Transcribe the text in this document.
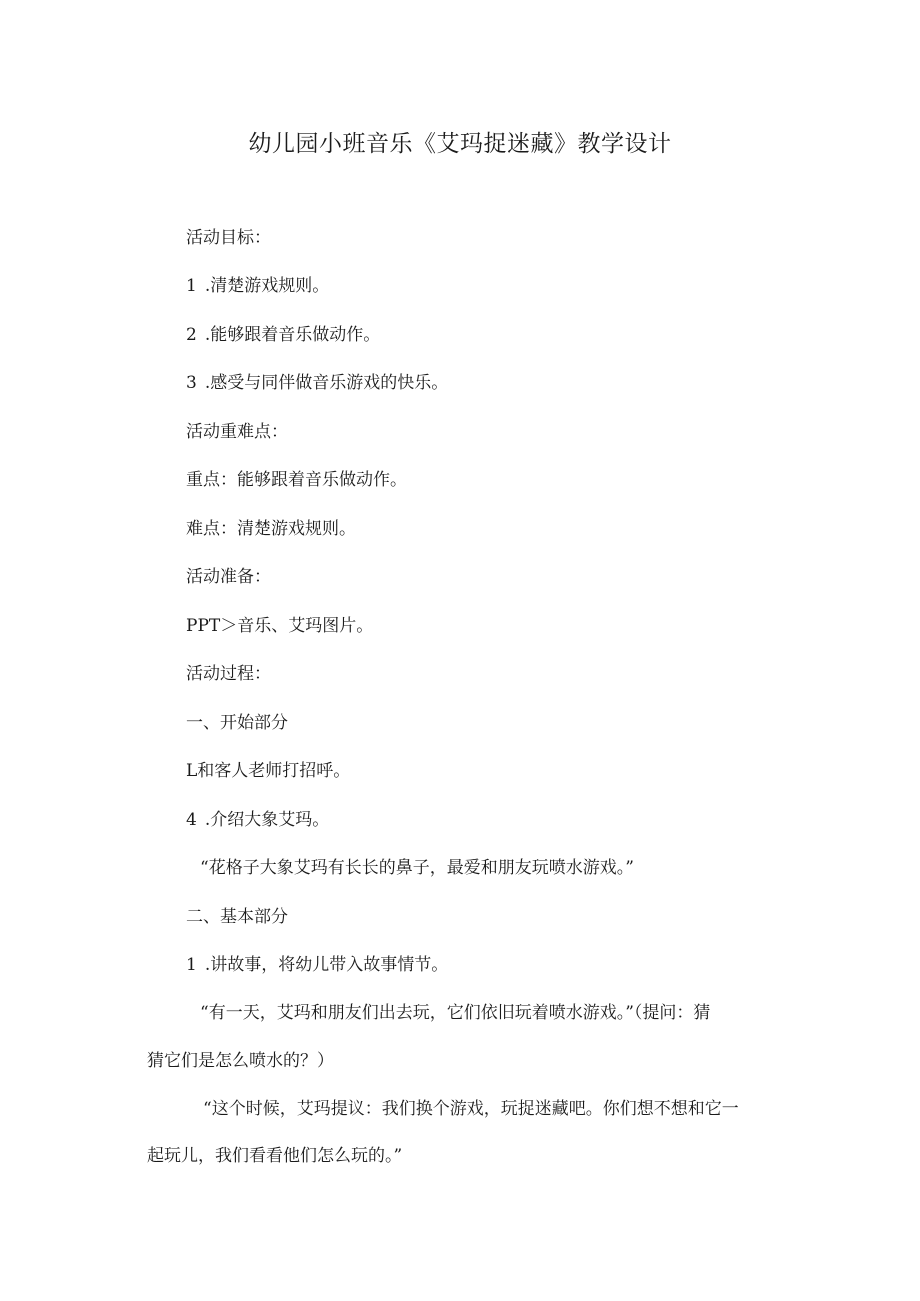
幼儿园小班音乐《艾玛捉迷藏》教学设计

活动目标：

1 .清楚游戏规则。

2 .能够跟着音乐做动作。

3 .感受与同伴做音乐游戏的快乐。

活动重难点：

重点：能够跟着音乐做动作。

难点：清楚游戏规则。

活动准备：

PPT＞音乐、艾玛图片。

活动过程：

一、开始部分

L和客人老师打招呼。

4 .介绍大象艾玛。

“花格子大象艾玛有长长的鼻子，最爱和朋友玩喷水游戏。”

二、基本部分

1 .讲故事，将幼儿带入故事情节。

“有一天，艾玛和朋友们出去玩，它们依旧玩着喷水游戏。”（提问：猜

猜它们是怎么喷水的？）

“这个时候，艾玛提议：我们换个游戏，玩捉迷藏吧。你们想不想和它一

起玩儿，我们看看他们怎么玩的。”
